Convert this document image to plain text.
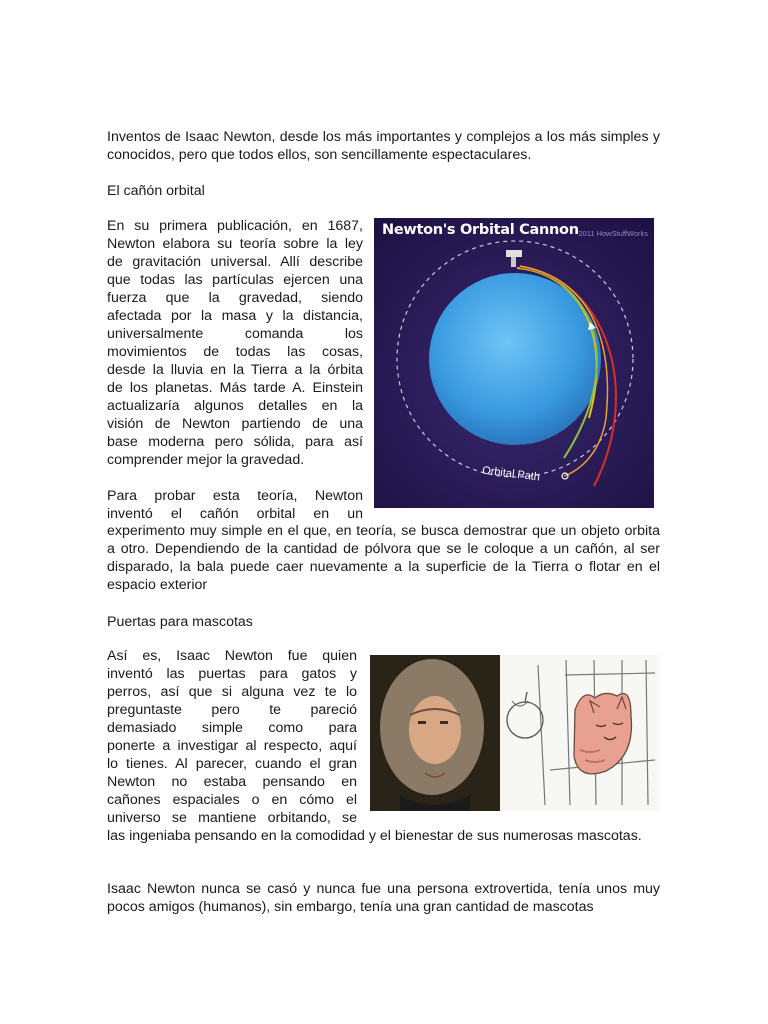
Inventos de Isaac Newton, desde los más importantes y complejos a los más simples y conocidos, pero que todos ellos, son sencillamente espectaculares.

El cañón orbital
En su primera publicación, en 1687,
Newton elabora su teoría sobre la ley
de gravitación universal. Allí describe
que todas las partículas ejercen una
fuerza que la gravedad, siendo
afectada por la masa y la distancia,
universalmente comanda los
movimientos de todas las cosas,
desde la lluvia en la Tierra a la órbita
de los planetas. Más tarde A. Einstein
actualizaría algunos detalles en la
visión de Newton partiendo de una
base moderna pero sólida, para así
comprender mejor la gravedad.
Para probar esta teoría, Newton
inventó el cañón orbital en un

experimento muy simple en el que, en teoría, se busca demostrar que un objeto orbita a otro. Dependiendo de la cantidad de pólvora que se le coloque a un cañón, al ser disparado, la bala puede caer nuevamente a la superficie de la Tierra o flotar en el espacio exterior

Newton's Orbital Cannon 2011 HowStuffWorks
Orbital Path
Puertas para mascotas
Así es, Isaac Newton fue quien
inventó las puertas para gatos y
perros, así que si alguna vez te lo
preguntaste pero te pareció
demasiado simple como para
ponerte a investigar al respecto, aquí
lo tienes. Al parecer, cuando el gran
Newton no estaba pensando en
cañones espaciales o en cómo el
universo se mantiene orbitando, se

las ingeniaba pensando en la comodidad y el bienestar de sus numerosas mascotas.

Isaac Newton nunca se casó y nunca fue una persona extrovertida, tenía unos muy pocos amigos (humanos), sin embargo, tenía una gran cantidad de mascotas
